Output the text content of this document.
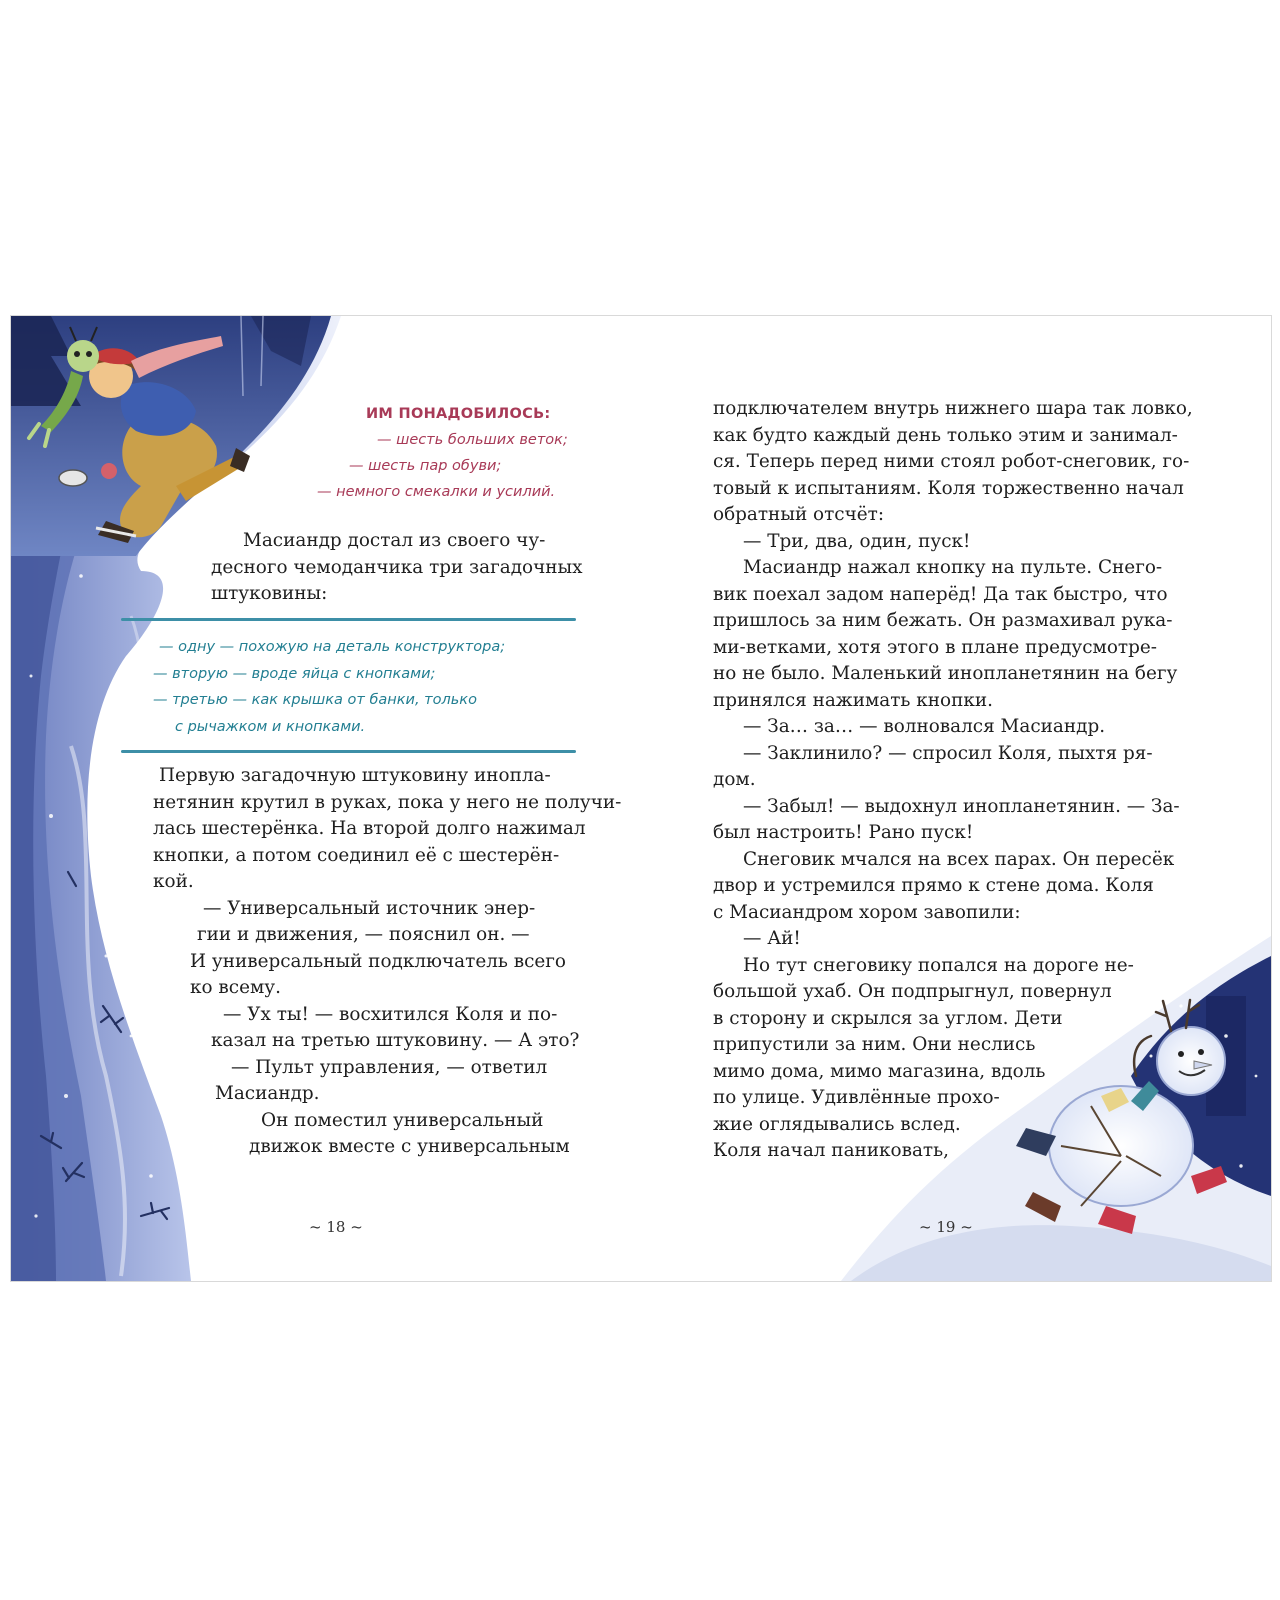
ИМ ПОНАДОБИЛОСЬ:
— шесть больших веток;
— шесть пар обуви;
— немного смекалки и усилий.
Масиандр достал из своего чу-
десного чемоданчика три загадочных
штуковины:
— одну — похожую на деталь конструктора;
— вторую — вроде яйца с кнопками;
— третью — как крышка от банки, только
с рычажком и кнопками.
Первую загадочную штуковину инопла-
нетянин крутил в руках, пока у него не получи-
лась шестерёнка. На второй долго нажимал
кнопки, а потом соединил её с шестерён-
кой.
— Универсальный источник энер-
гии и движения, — пояснил он. —
И универсальный подключатель всего
ко всему.
— Ух ты! — восхитился Коля и по-
казал на третью штуковину. — А это?
— Пульт управления, — ответил
Масиандр.
Он поместил универсальный
движок вместе с универсальным
~ 18 ~
подключателем внутрь нижнего шара так ловко,
как будто каждый день только этим и занимал-
ся. Теперь перед ними стоял робот-снеговик, го-
товый к испытаниям. Коля торжественно начал
обратный отсчёт:
— Три, два, один, пуск!
Масиандр нажал кнопку на пульте. Снего-
вик поехал задом наперёд! Да так быстро, что
пришлось за ним бежать. Он размахивал рука-
ми-ветками, хотя этого в плане предусмотре-
но не было. Маленький инопланетянин на бегу
принялся нажимать кнопки.
— За… за… — волновался Масиандр.
— Заклинило? — спросил Коля, пыхтя ря-
дом.
— Забыл! — выдохнул инопланетянин. — За-
был настроить! Рано пуск!
Снеговик мчался на всех парах. Он пересёк
двор и устремился прямо к стене дома. Коля
с Масиандром хором завопили:
— Ай!
Но тут снеговику попался на дороге не-
большой ухаб. Он подпрыгнул, повернул
в сторону и скрылся за углом. Дети
припустили за ним. Они неслись
мимо дома, мимо магазина, вдоль
по улице. Удивлённые прохо-
жие оглядывались вслед.
Коля начал паниковать,
~ 19 ~
